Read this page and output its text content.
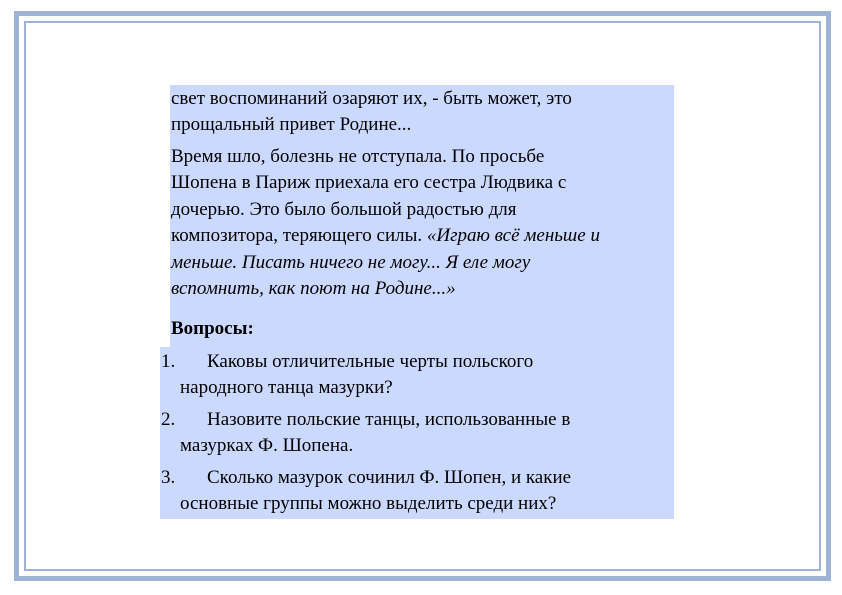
свет воспоминаний озаряют их, - быть может, это
прощальный привет Родине...
Время шло, болезнь не отступала. По просьбе
Шопена в Париж приехала его сестра Людвика с
дочерью. Это было большой радостью для
композитора, теряющего силы. «Играю всё меньше и
меньше. Писать ничего не могу... Я еле могу
вспомнить, как поют на Родине...»
Вопросы:
1. Каковы отличительные черты польского
народного танца мазурки?
2. Назовите польские танцы, использованные в
мазурках Ф. Шопена.
3. Сколько мазурок сочинил Ф. Шопен, и какие
основные группы можно выделить среди них?
